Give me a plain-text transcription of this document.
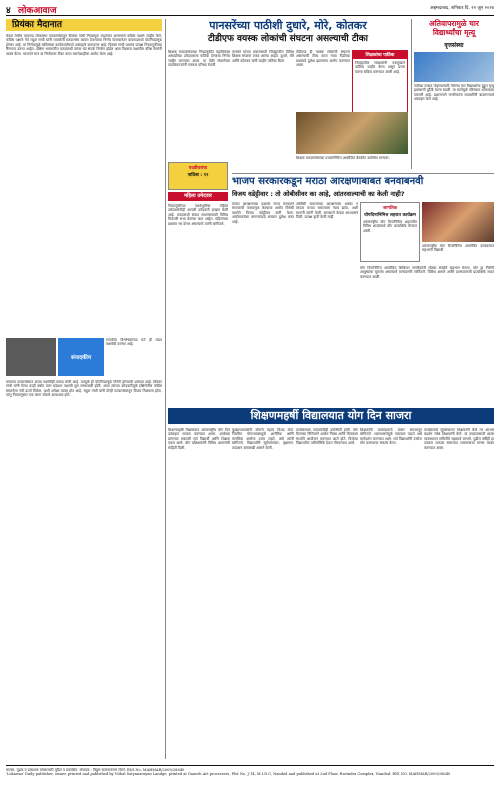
४ लोकआवाज	अहमदाबाद, शनिवार दि. २२ जून २०२४
प्रियंका मैदानात
केरळ येथील वायनाड लोकसभा मतदारसंघातून प्रियंका गांधी निवडणूक लढवणार असल्याचे काँग्रेस पक्षाने जाहीर केले. काँग्रेस पक्षाचे नेते राहुल गांधी यांनी रायबरेली मतदारसंघ कायम ठेवण्याचा निर्णय घेतल्यानंतर वायनाडमध्ये पोटनिवडणूक होणार आहे. या निर्णयामुळे काँग्रेसच्या कार्यकर्त्यांमध्ये उत्साहाचे वातावरण आहे. प्रियंका गांधी प्रथमच प्रत्यक्ष निवडणुकीच्या रिंगणात उतरत आहेत. दक्षिण भारतातील मतदारांशी त्यांचा थेट संपर्क निर्माण होईल असा विश्वास पक्षातील वरिष्ठ नेत्यांनी व्यक्त केला. भाजपने मात्र या निर्णयावर टीका करत घराणेशाहीचा आरोप केला आहे.
संपादकीय
राजकीय विश्लेषकांच्या मते ही लढत लक्षवेधी ठरणार आहे.
वायनाड मतदारसंघात डाव्या पक्षांचीही ताकद मोठी आहे. त्यामुळे ही पोटनिवडणूक तिरंगी होण्याची शक्यता आहे. प्रियंका गांधी यांनी गेल्या काही वर्षांत उत्तर प्रदेशात पक्षाची धुरा सांभाळली होती. आता त्यांच्या उमेदवारीमुळे दक्षिणेतील काँग्रेस संघटनेला नवी ऊर्जा मिळेल, अशी अपेक्षा व्यक्त होत आहे. राहुल गांधी यांनी दोन्ही मतदारसंघांतून विजय मिळवला होता, परंतु नियमानुसार एक जागा सोडणे आवश्यक होते.
पानसरेंच्या पाठीशी दुधारे, मोरे, कोतकर
टीडीएफ वयस्क लोकांची संघटना असल्याची टीका
शिक्षक मतदारसंघाच्या निवडणुकीत महाविकास आघाडीच्या उमेदवाराला पाठिंबा देण्याचा निर्णय जाहीर करण्यात आला. या वेळी संघटनेच्या पदाधिकाऱ्यांनी पत्रकार परिषद घेतली.
पानसरे यांच्या प्रचारासाठी जिल्ह्यातील विविध शिक्षक संघटना एकत्र आल्या आहेत. दुधारे, मोरे आणि कोतकर यांनी जाहीर पाठिंबा दिला.
टीडीएफ ही वयस्क लोकांची संघटना असल्याची टीका करत नव्या पिढीच्या प्रश्नांकडे दुर्लक्ष झाल्याचा आरोप करण्यात आला.
शिक्षकांचा पाठिंबा
जिल्ह्यातील शिक्षकांनी एकमुखाने पाठिंबा जाहीर केला असून प्रचार यंत्रणा सक्रिय करण्यात आली आहे.
अतिवापरामुळे चार विद्यार्थ्यांचा मृत्यू
वृत्तसंस्था
नदीच्या पात्रात पोहण्यासाठी गेलेल्या चार विद्यार्थ्यांचा बुडून मृत्यू झाल्याची दुर्दैवी घटना घडली. या घटनेमुळे परिसरात शोककळा पसरली आहे. प्रशासनाने नागरिकांना सावधगिरी बाळगण्याचे आवाहन केले आहे.
शिक्षक मतदारसंघाच्या प्रचारानिमित्त आयोजित बैठकीत उपस्थित मान्यवर.
पदवीधरांचा
पाठिंबा : १२
महिला उमेदवार
निवडणुकीच्या पार्श्वभूमीवर महिला उमेदवारांनीही आपली उमेदवारी दाखल केली आहे. मतदारांशी संवाद साधण्यासाठी विविध ठिकाणी सभा घेतल्या जात आहेत. महिलांच्या प्रश्नांवर भर देणार असल्याचे त्यांनी सांगितले.
भाजप सरकारकडून मराठा आरक्षणाबाबत बनवाबनवी
विजय वडेट्टीवार : तो ओबीसीवर का आहे, आंतरवाल्याची का केली नाही?
मराठा आरक्षणाच्या प्रश्नावर राज्य सरकारने समाजाची फसवणूक केल्याचा आरोप विरोधी पक्षनेते विजय वडेट्टीवार यांनी केला. आंदोलकांच्या मागण्यांकडे सरकार दुर्लक्ष करत आहे.
ओबीसी समाजाच्या आरक्षणाला धक्का न लावता मराठा समाजाला न्याय द्यावा, अशी मागणी त्यांनी केली. सरकारने केवळ आश्वासने दिली, प्रत्यक्ष कृती केली नाही.
जागतिक
योगदिनानिमित्त शहरात कार्यक्रम
आंतरराष्ट्रीय योग दिनानिमित्त शहरातील विविध शाळांमध्ये योग प्रात्यक्षिके घेण्यात आली.
आंतरराष्ट्रीय योग दिनानिमित्त आयोजित कार्यक्रमात सहभागी विद्यार्थी.
योग दिनानिमित्त आयोजित शिबिरात नागरिकांनी मोठ्या संख्येने सहभाग घेतला. योग हा निरोगी आयुष्याचा मूलमंत्र असल्याचे मान्यवरांनी सांगितले. विविध आसने आणि प्राणायामाची प्रात्यक्षिके सादर करण्यात आली.
शिक्षणमहर्षी विद्यालयात योग दिन साजरा
शिक्षणमहर्षी विद्यालयात आंतरराष्ट्रीय योग दिन उत्साहात साजरा करण्यात आला. शाळेच्या प्रांगणात सकाळी सर्व विद्यार्थी आणि शिक्षक एकत्र आले. योग प्रशिक्षकांनी विविध आसनांची माहिती दिली.
मुख्याध्यापकांनी योगाचे महत्त्व विशद केले. नियमित योगाभ्यासामुळे शारीरिक आणि मानसिक आरोग्य उत्तम राहते, असे त्यांनी सांगितले. विद्यार्थ्यांनी सूर्यनमस्कार, वृक्षासन, ताडासन यांसारखी आसने केली.
कार्यक्रमाला पालकांचीही उपस्थिती होती. योग दिनाच्या निमित्ताने शाळेत निबंध आणि चित्रकला स्पर्धांचे आयोजन करण्यात आले होते. विजेत्या विद्यार्थ्यांना पारितोषिके देऊन गौरवण्यात आले.
शिक्षकांनी प्राणायामाचे प्रकार समजावून सांगितले. ध्यानधारणेमुळे एकाग्रता वाढते असे मार्गदर्शन करण्यात आले. सर्व विद्यार्थ्यांनी दररोज योग करण्याचा संकल्प केला.
कार्यक्रमाचे सूत्रसंचालन शिक्षकांनी केले तर आभार प्रदर्शन ज्येष्ठ शिक्षकांनी केले. या उपक्रमासाठी शाळा व्यवस्थापन समितीचे सहकार्य लाभले. पुढील वर्षीही हा उपक्रम व्यापक स्वरूपात राबवण्याचा मानस व्यक्त करण्यात आला.
मालक, मुद्रक व प्रकाशक यांच्यासाठी मुद्रित व प्रकाशित. संपादक : विठ्ठल सत्यनारायण लेंडगे. RNI No. MAHMAR/2009/28640
'Lokawaz' Daily publisher, owner, printed and published by Vithal Satyanarayan Landge, printed at Ganesh Art processers, Plot No. J-14, M.I.D.C, Nanded and published at 2nd Floor, Ravindra Complex, Nanded. RNI NO. MAHMAR/2009/28640
